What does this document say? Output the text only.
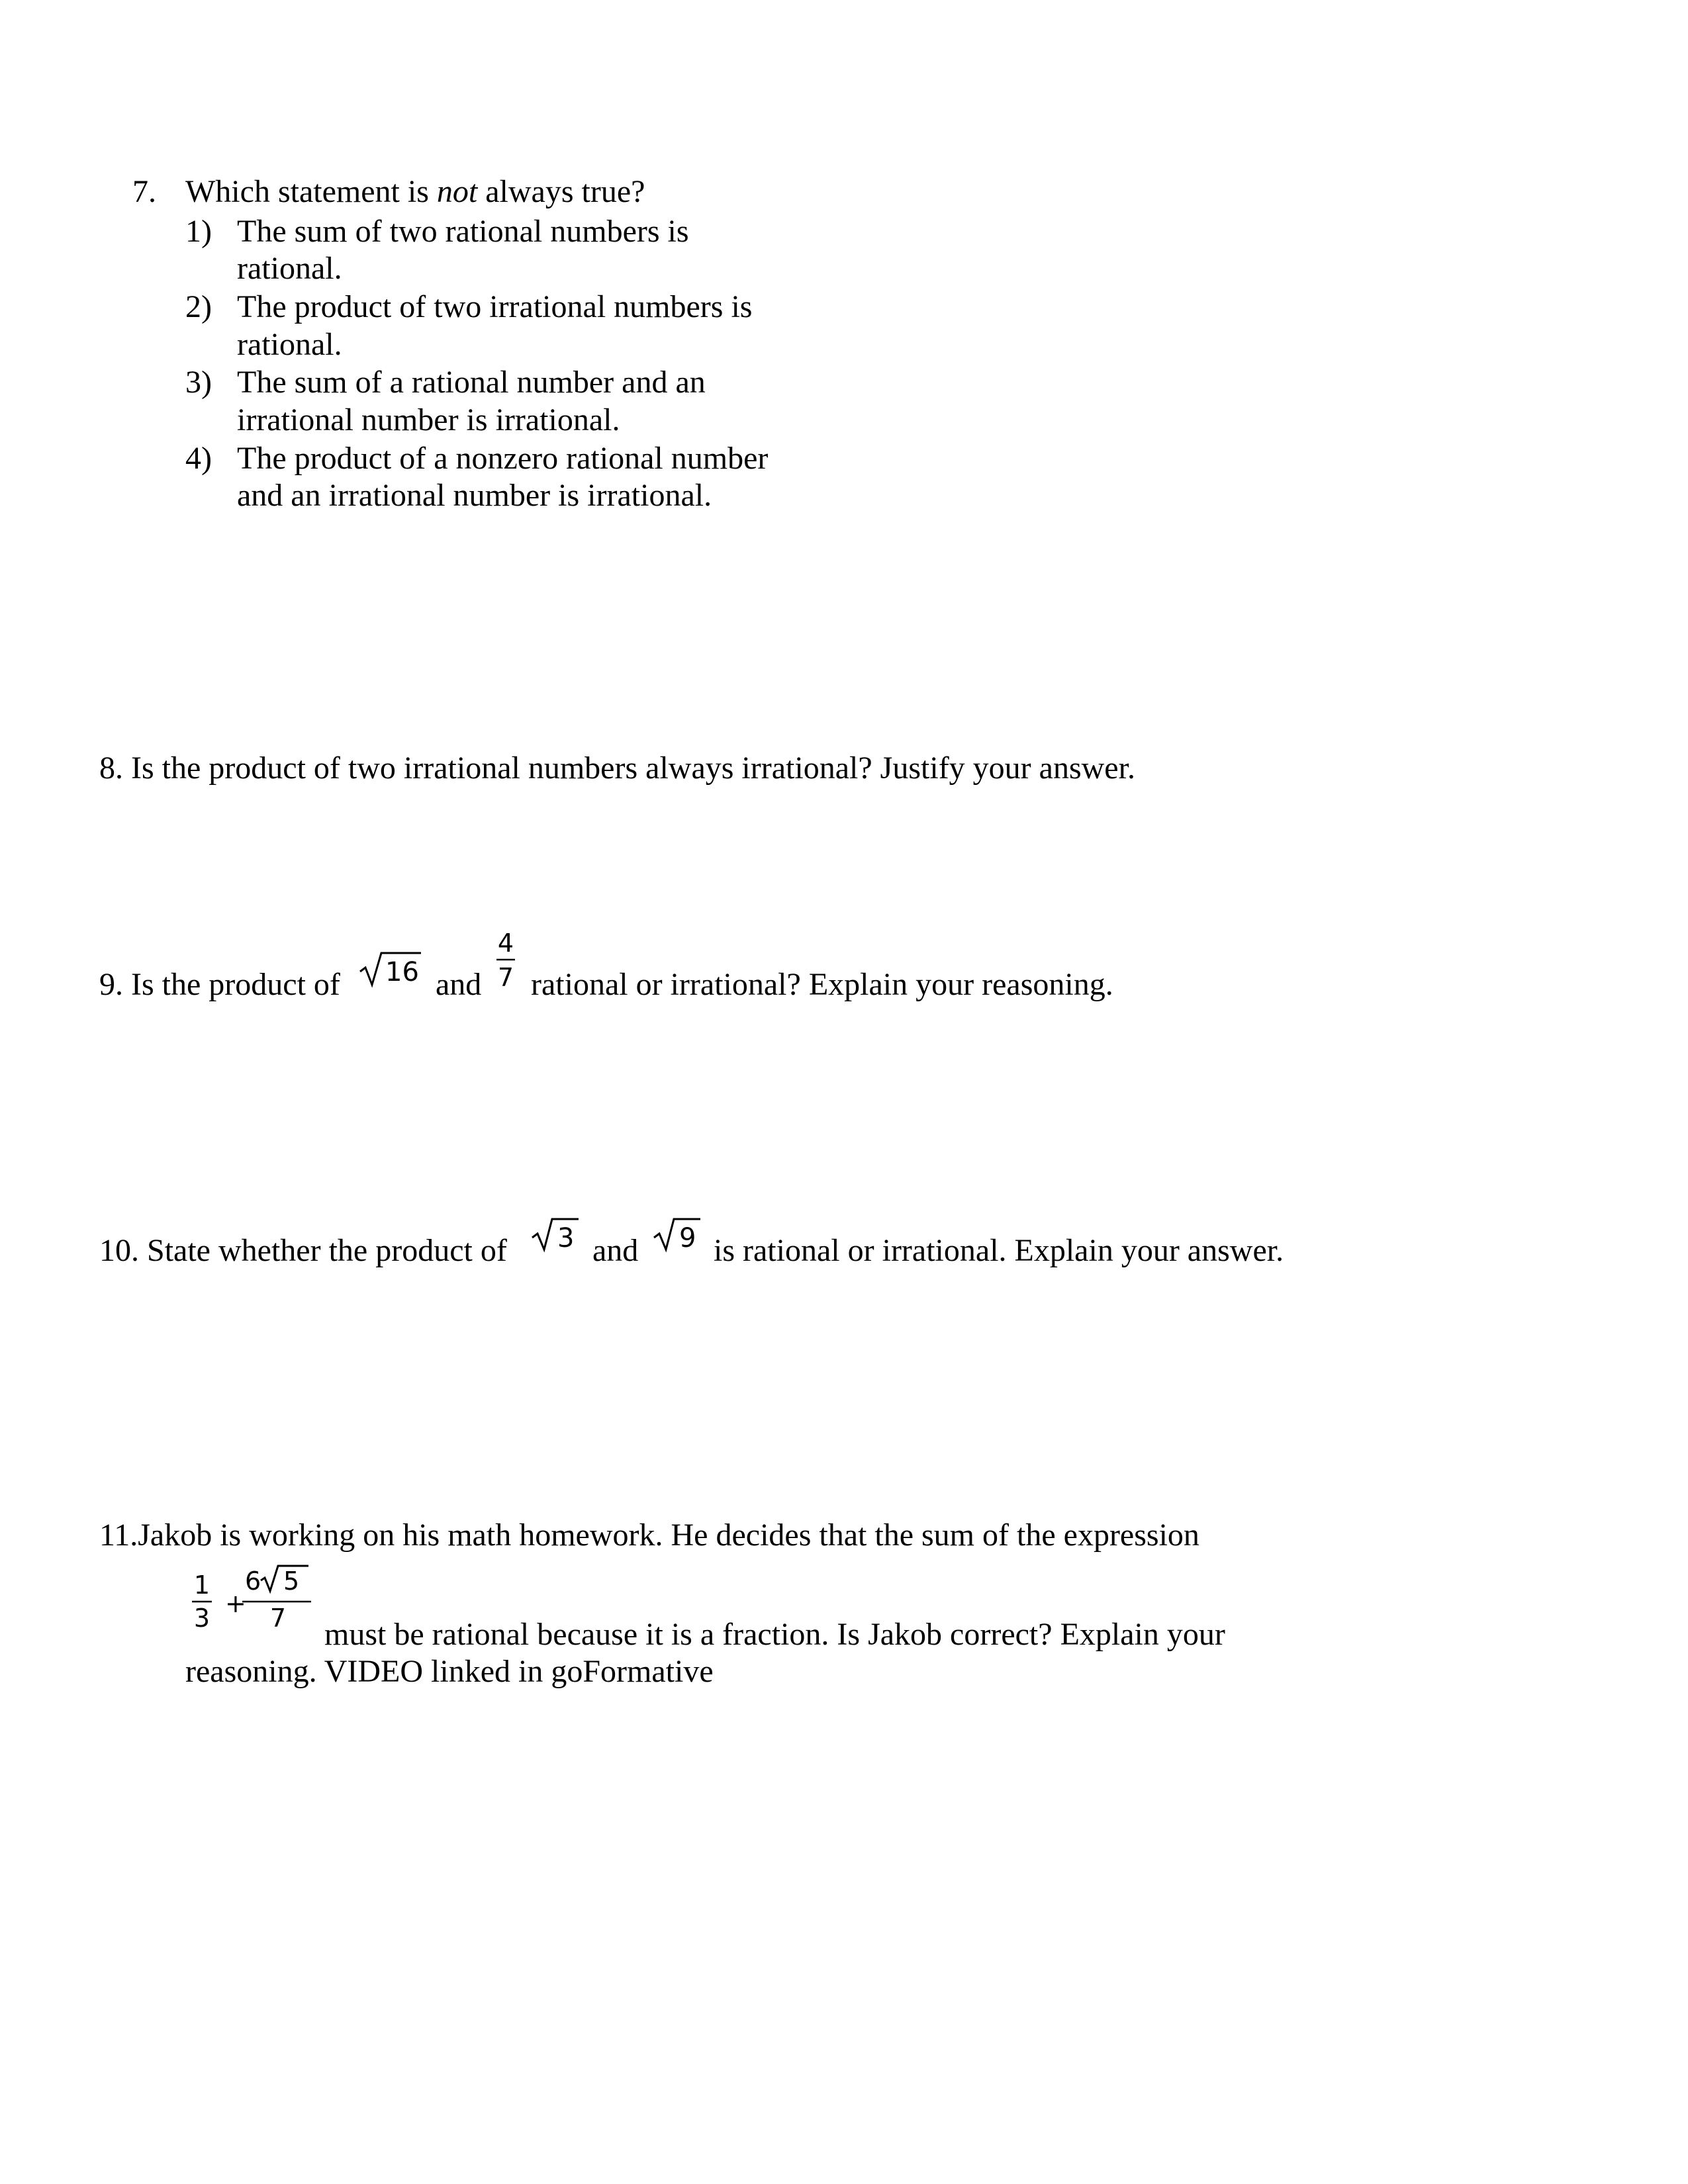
7. Which statement is not always true?
1) The sum of two rational numbers is
rational.
2) The product of two irrational numbers is
rational.
3) The sum of a rational number and an
irrational number is irrational.
4) The product of a nonzero rational number
and an irrational number is irrational.
8. Is the product of two irrational numbers always irrational? Justify your answer.
9. Is the product of 16 and
4
7 rational or irrational? Explain your reasoning.
10. State whether the product of 3 and 9 is rational or irrational. Explain your answer.
11.Jakob is working on his math homework. He decides that the sum of the expression
1
3 +
6 5
7 must be rational because it is a fraction. Is Jakob correct? Explain your
reasoning. VIDEO linked in goFormative
